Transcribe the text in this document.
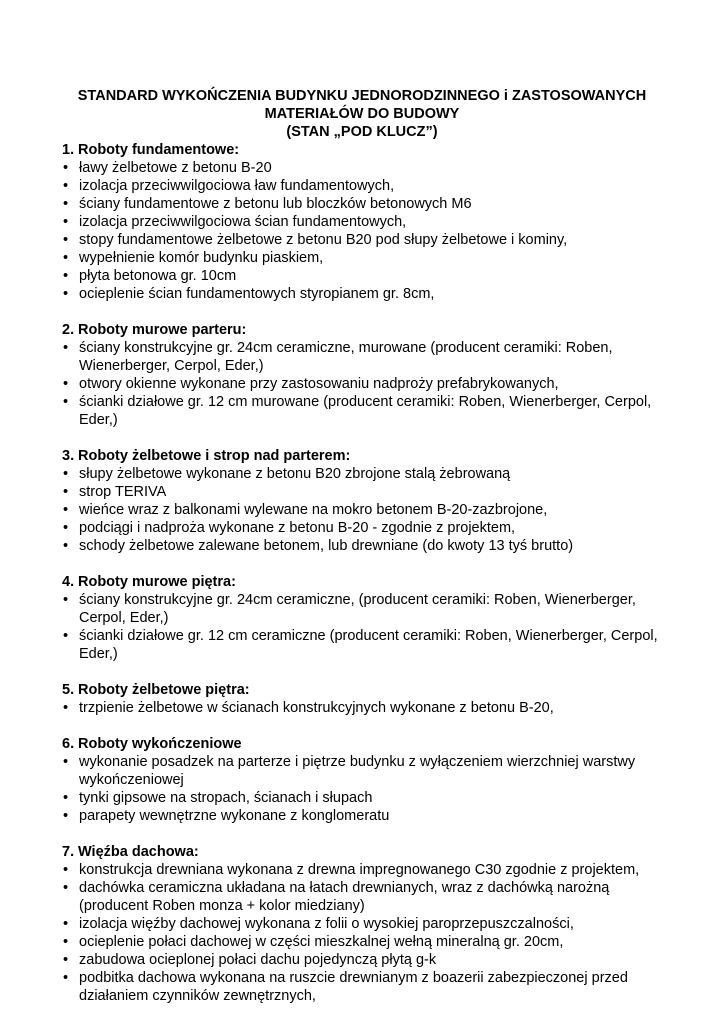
STANDARD WYKOŃCZENIA BUDYNKU JEDNORODZINNEGO i ZASTOSOWANYCH
MATERIAŁÓW DO BUDOWY
(STAN „POD KLUCZ”)
1. Roboty fundamentowe:
• ławy żelbetowe z betonu B-20
• izolacja przeciwwilgociowa ław fundamentowych,
• ściany fundamentowe z betonu lub bloczków betonowych M6
• izolacja przeciwwilgociowa ścian fundamentowych,
• stopy fundamentowe żelbetowe z betonu B20 pod słupy żelbetowe i kominy,
• wypełnienie komór budynku piaskiem,
• płyta betonowa gr. 10cm
• ocieplenie ścian fundamentowych styropianem gr. 8cm,
2. Roboty murowe parteru:
• ściany konstrukcyjne gr. 24cm ceramiczne, murowane (producent ceramiki: Roben, Wienerberger, Cerpol, Eder,)
• otwory okienne wykonane przy zastosowaniu nadproży prefabrykowanych,
• ścianki działowe gr. 12 cm murowane (producent ceramiki: Roben, Wienerberger, Cerpol, Eder,)
3. Roboty żelbetowe i strop nad parterem:
• słupy żelbetowe wykonane z betonu B20 zbrojone stalą żebrowaną
• strop TERIVA
• wieńce wraz z balkonami wylewane na mokro betonem B-20-zazbrojone,
• podciągi i nadproża wykonane z betonu B-20 - zgodnie z projektem,
• schody żelbetowe zalewane betonem, lub drewniane (do kwoty 13 tyś brutto)
4. Roboty murowe piętra:
• ściany konstrukcyjne gr. 24cm ceramiczne, (producent ceramiki: Roben, Wienerberger, Cerpol, Eder,)
• ścianki działowe gr. 12 cm ceramiczne (producent ceramiki: Roben, Wienerberger, Cerpol, Eder,)
5. Roboty żelbetowe piętra:
• trzpienie żelbetowe w ścianach konstrukcyjnych wykonane z betonu B-20,
6. Roboty wykończeniowe
• wykonanie posadzek na parterze i piętrze budynku z wyłączeniem wierzchniej warstwy wykończeniowej
• tynki gipsowe na stropach, ścianach i słupach
• parapety wewnętrzne wykonane z konglomeratu
7. Więźba dachowa:
• konstrukcja drewniana wykonana z drewna impregnowanego C30 zgodnie z projektem,
• dachówka ceramiczna układana na łatach drewnianych, wraz z dachówką narożną (producent Roben monza + kolor miedziany)
• izolacja więźby dachowej wykonana z folii o wysokiej paroprzepuszczalności,
• ocieplenie połaci dachowej w części mieszkalnej wełną mineralną gr. 20cm,
• zabudowa ocieplonej połaci dachu pojedynczą płytą g-k
• podbitka dachowa wykonana na ruszcie drewnianym z boazerii zabezpieczonej przed działaniem czynników zewnętrznych,
